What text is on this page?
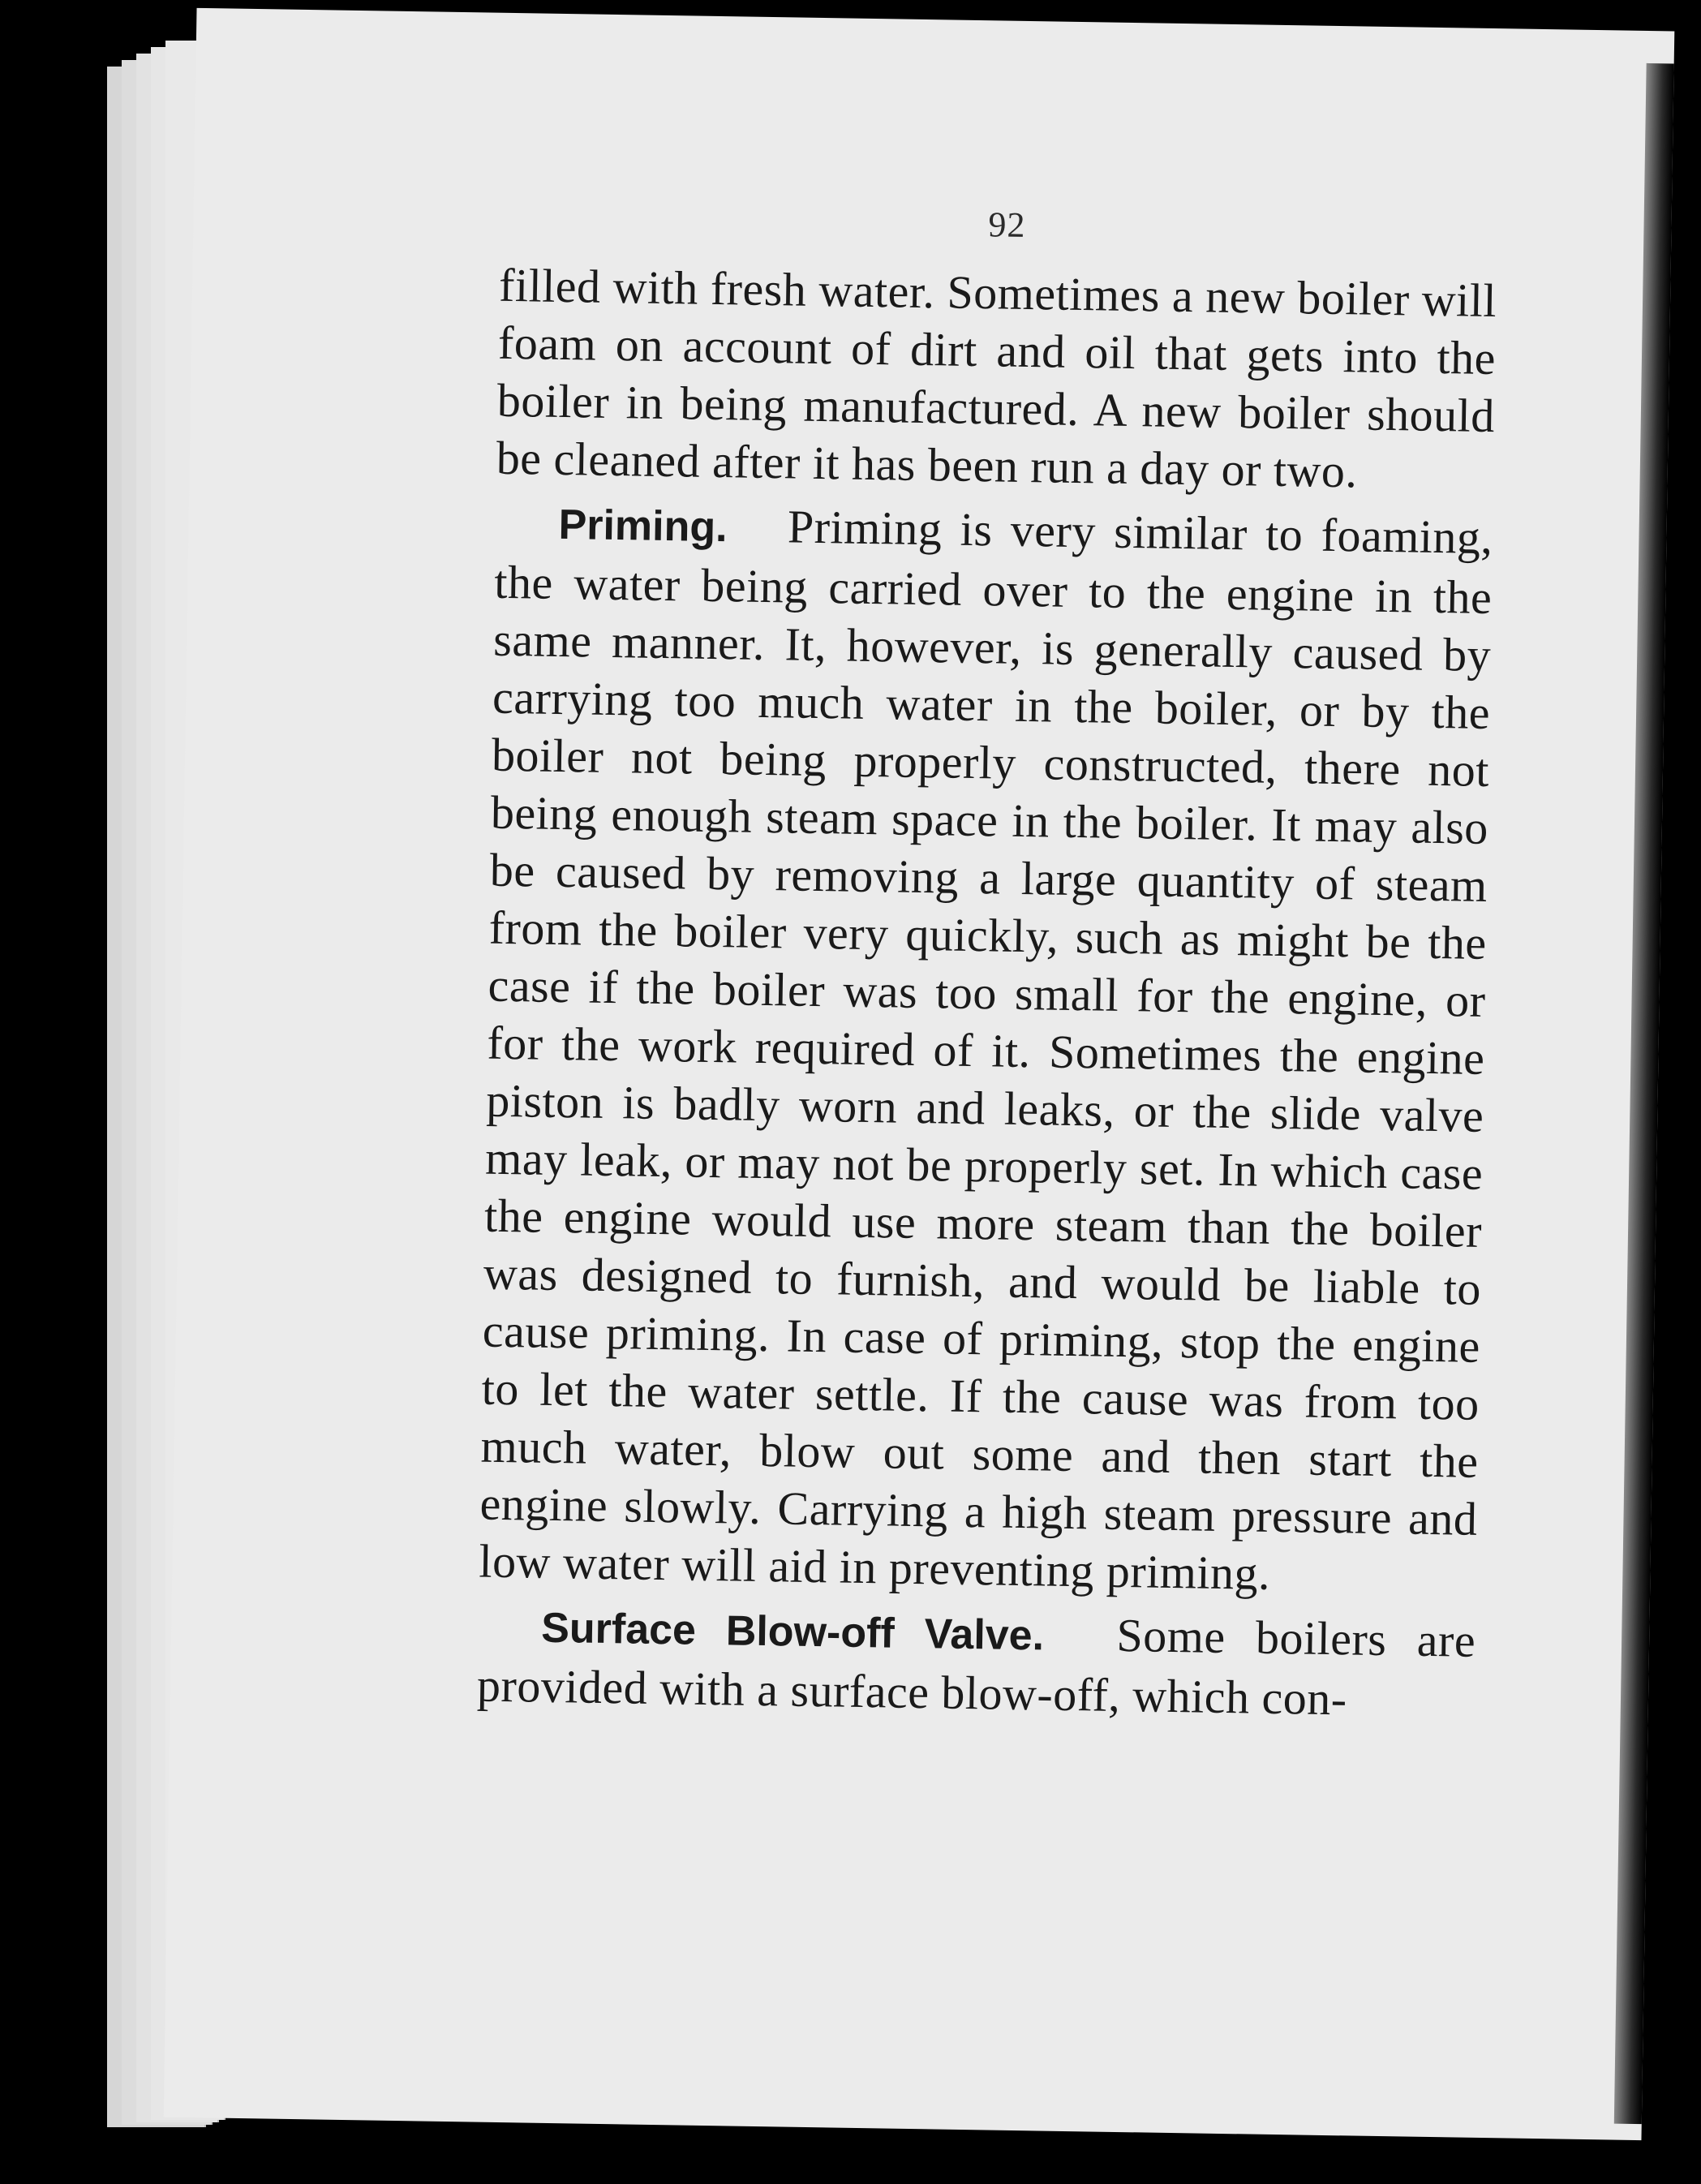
92

filled with fresh water. Sometimes a new boiler will foam on account of dirt and oil that gets into the boiler in being manufactured. A new boiler should be cleaned after it has been run a day or two.

Priming.  Priming is very similar to foaming, the water being carried over to the engine in the same manner. It, however, is generally caused by carrying too much water in the boiler, or by the boiler not being properly constructed, there not being enough steam space in the boiler. It may also be caused by removing a large quantity of steam from the boiler very quickly, such as might be the case if the boiler was too small for the engine, or for the work required of it. Sometimes the engine piston is badly worn and leaks, or the slide valve may leak, or may not be properly set. In which case the engine would use more steam than the boiler was designed to furnish, and would be liable to cause priming. In case of priming, stop the engine to let the water settle. If the cause was from too much water, blow out some and then start the engine slowly. Carrying a high steam pressure and low water will aid in preventing priming.

Surface Blow-off Valve.  Some boilers are provided with a surface blow-off, which con-
